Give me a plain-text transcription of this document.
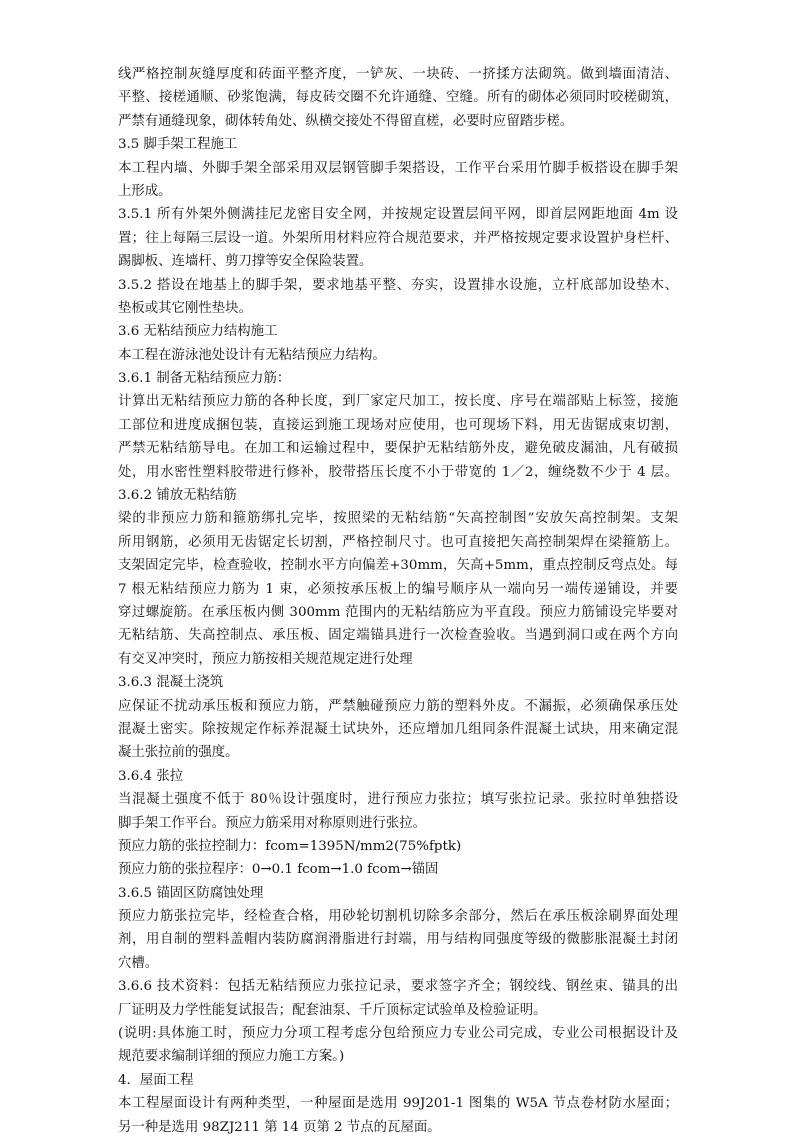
线严格控制灰缝厚度和砖面平整齐度，一铲灰、一块砖、一挤揉方法砌筑。做到墙面清洁、
平整、接槎通顺、砂浆饱满，每皮砖交圈不允许通缝、空缝。所有的砌体必须同时咬槎砌筑，
严禁有通缝现象，砌体转角处、纵横交接处不得留直槎，必要时应留踏步槎。
3.5 脚手架工程施工
本工程内墙、外脚手架全部采用双层钢管脚手架搭设，工作平台采用竹脚手板搭设在脚手架
上形成。
3.5.1 所有外架外侧满挂尼龙密目安全网，并按规定设置层间平网，即首层网距地面 4m 设
置；往上每隔三层设一道。外架所用材料应符合规范要求，并严格按规定要求设置护身栏杆、
踢脚板、连墙杆、剪刀撑等安全保险装置。
3.5.2 搭设在地基上的脚手架，要求地基平整、夯实，设置排水设施，立杆底部加设垫木、
垫板或其它刚性垫块。
3.6 无粘结预应力结构施工
本工程在游泳池处设计有无粘结预应力结构。
3.6.1 制备无粘结预应力筋：
计算出无粘结预应力筋的各种长度，到厂家定尺加工，按长度、序号在端部贴上标签，接施
工部位和进度成捆包装，直接运到施工现场对应使用，也可现场下料，用无齿锯成束切割，
严禁无粘结筋导电。在加工和运输过程中，要保护无粘结筋外皮，避免破皮漏油，凡有破损
处，用水密性塑料胶带进行修补，胶带搭压长度不小于带宽的 1／2，缠绕数不少于 4 层。
3.6.2 铺放无粘结筋
梁的非预应力筋和箍筋绑扎完毕，按照梁的无粘结筋“矢高控制图”安放矢高控制架。支架
所用钢筋，必须用无齿锯定长切割，严格控制尺寸。也可直接把矢高控制架焊在梁箍筋上。
支架固定完毕，检查验收，控制水平方向偏差+30mm，矢高+5mm，重点控制反弯点处。每
7 根无粘结预应力筋为 1 束，必须按承压板上的编号顺序从一端向另一端传递铺设，并要
穿过螺旋筋。在承压板内侧 300mm 范围内的无粘结筋应为平直段。预应力筋铺设完毕要对
无粘结筋、失高控制点、承压板、固定端锚具进行一次检查验收。当遇到洞口或在两个方向
有交叉冲突时，预应力筋按相关规范规定进行处理
3.6.3 混凝土浇筑
应保证不扰动承压板和预应力筋，严禁触碰预应力筋的塑料外皮。不漏振，必须确保承压处
混凝土密实。除按规定作标养混凝土试块外，还应增加几组同条件混凝土试块，用来确定混
凝土张拉前的强度。
3.6.4 张拉
当混凝土强度不低于 80％设计强度时，进行预应力张拉；填写张拉记录。张拉时单独搭设
脚手架工作平台。预应力筋采用对称原则进行张拉。
预应力筋的张拉控制力：fcom=1395N/mm2(75%fptk)
预应力筋的张拉程序：0→0.1 fcom→1.0 fcom→锚固
3.6.5 锚固区防腐蚀处理
预应力筋张拉完毕，经检查合格，用砂轮切割机切除多余部分，然后在承压板涂刷界面处理
剂，用自制的塑料盖帽内装防腐润滑脂进行封端，用与结构同强度等级的微膨胀混凝土封闭
穴槽。
3.6.6 技术资料：包括无粘结预应力张拉记录，要求签字齐全；钢绞线、钢丝束、锚具的出
厂证明及力学性能复试报告；配套油泵、千斤顶标定试验单及检验证明。
(说明:具体施工时，预应力分项工程考虑分包给预应力专业公司完成，专业公司根据设计及
规范要求编制详细的预应力施工方案。)
4．屋面工程
本工程屋面设计有两种类型，一种屋面是选用 99J201-1 图集的 W5A 节点卷材防水屋面；
另一种是选用 98ZJ211 第 14 页第 2 节点的瓦屋面。
